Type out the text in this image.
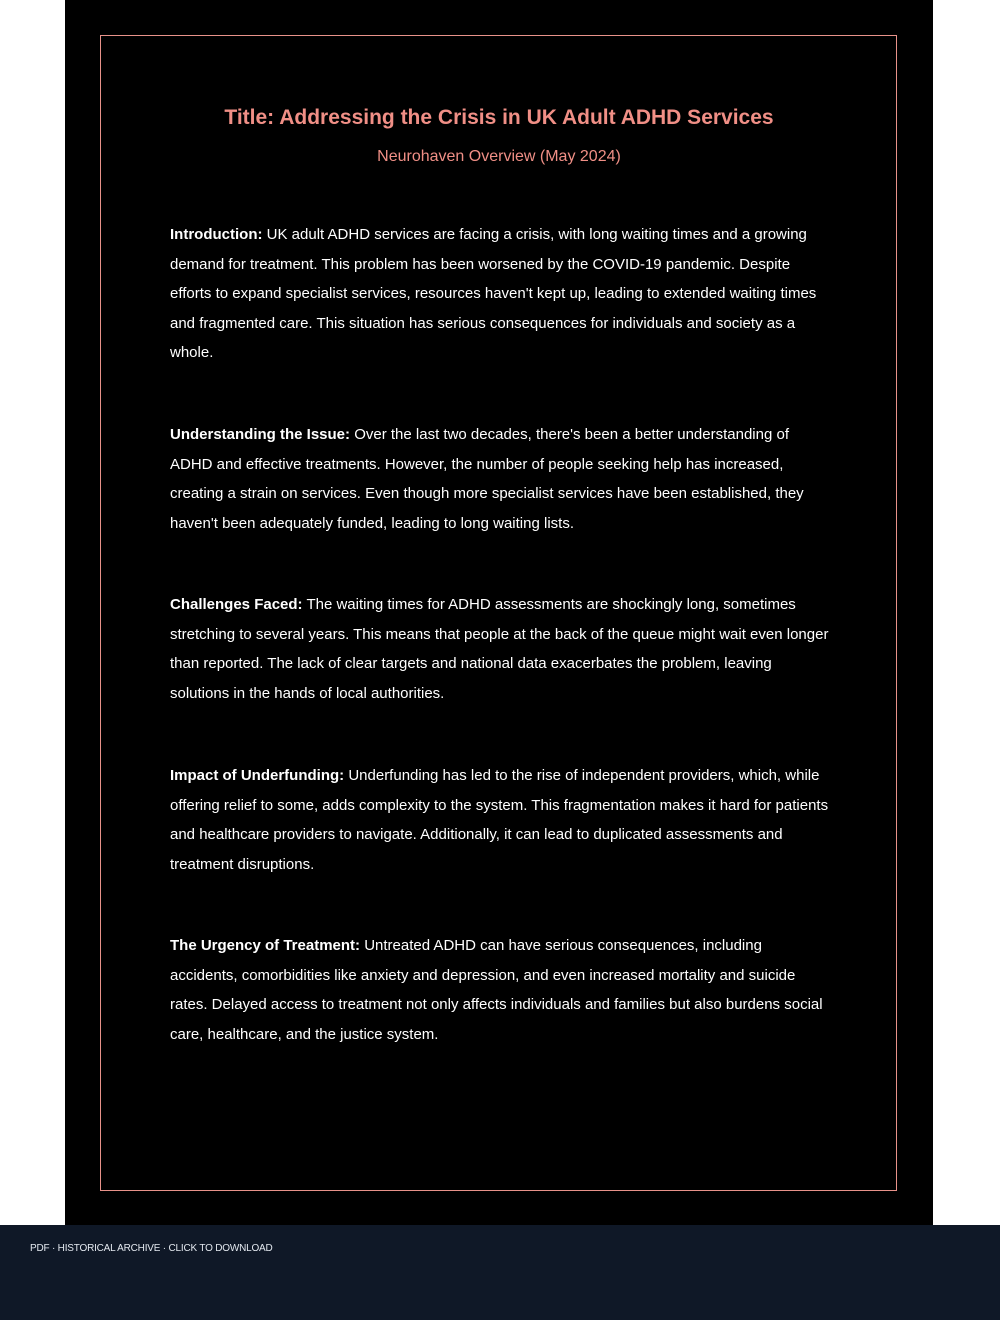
Title: Addressing the Crisis in UK Adult ADHD Services

Neurohaven Overview (May 2024)

Introduction: UK adult ADHD services are facing a crisis, with long waiting times and a growing demand for treatment. This problem has been worsened by the COVID-19 pandemic. Despite efforts to expand specialist services, resources haven't kept up, leading to extended waiting times and fragmented care. This situation has serious consequences for individuals and society as a whole.

Understanding the Issue: Over the last two decades, there's been a better understanding of ADHD and effective treatments. However, the number of people seeking help has increased, creating a strain on services. Even though more specialist services have been established, they haven't been adequately funded, leading to long waiting lists.

Challenges Faced: The waiting times for ADHD assessments are shockingly long, sometimes stretching to several years. This means that people at the back of the queue might wait even longer than reported. The lack of clear targets and national data exacerbates the problem, leaving solutions in the hands of local authorities.

Impact of Underfunding: Underfunding has led to the rise of independent providers, which, while offering relief to some, adds complexity to the system. This fragmentation makes it hard for patients and healthcare providers to navigate. Additionally, it can lead to duplicated assessments and treatment disruptions.

The Urgency of Treatment: Untreated ADHD can have serious consequences, including accidents, comorbidities like anxiety and depression, and even increased mortality and suicide rates. Delayed access to treatment not only affects individuals and families but also burdens social care, healthcare, and the justice system.

PDF · HISTORICAL ARCHIVE · CLICK TO DOWNLOAD
